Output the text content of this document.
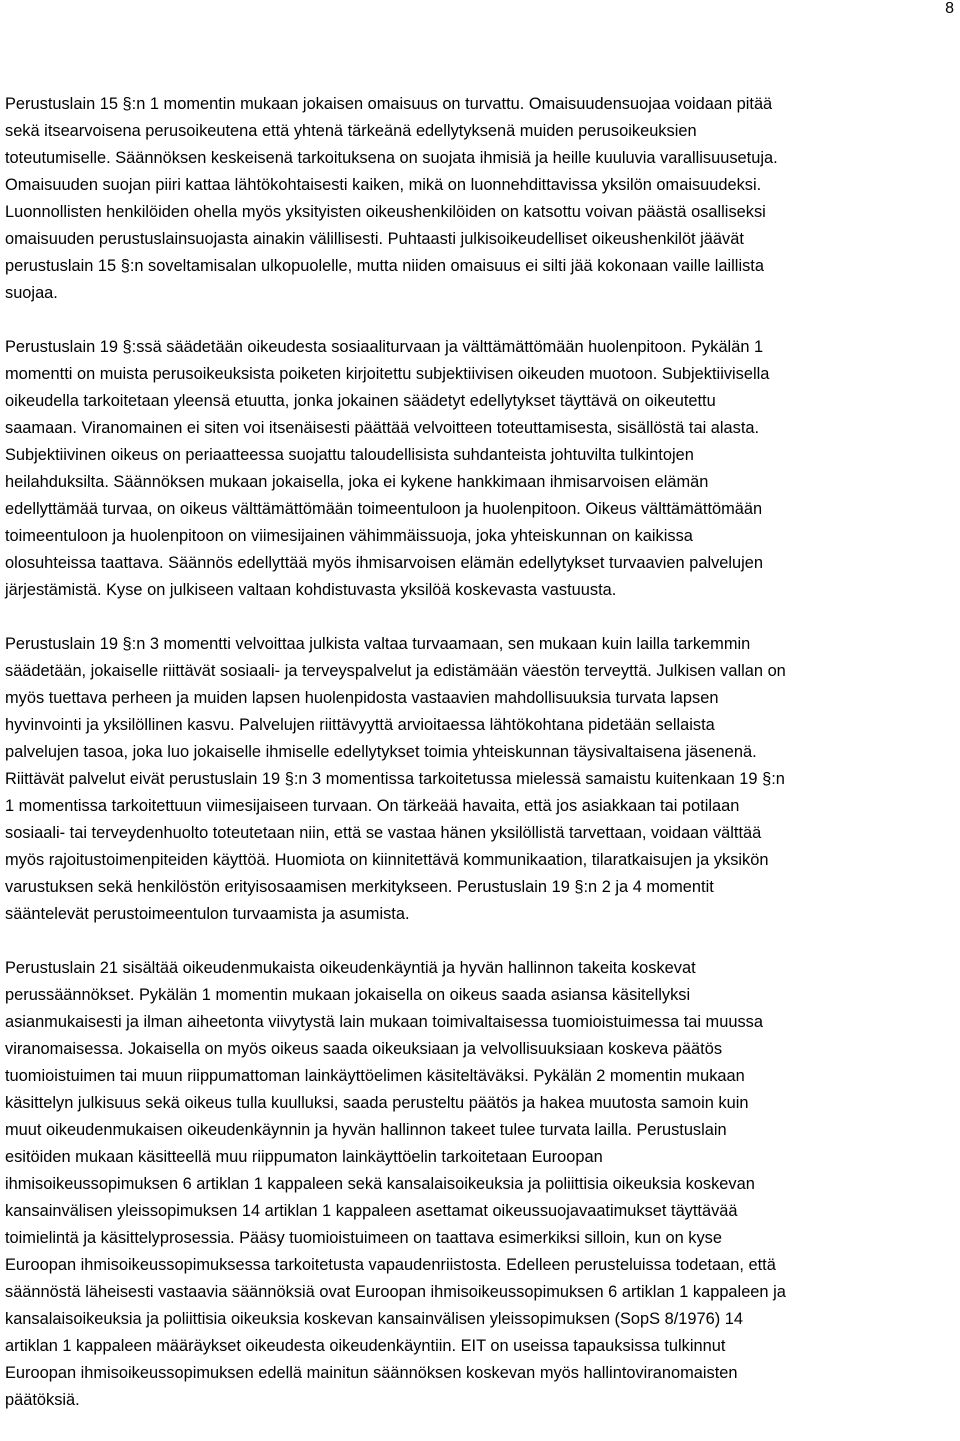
8
Perustuslain 15 §:n 1 momentin mukaan jokaisen omaisuus on turvattu. Omaisuudensuojaa voidaan pitää
sekä itsearvoisena perusoikeutena että yhtenä tärkeänä edellytyksenä muiden perusoikeuksien
toteutumiselle. Säännöksen keskeisenä tarkoituksena on suojata ihmisiä ja heille kuuluvia varallisuusetuja.
Omaisuuden suojan piiri kattaa lähtökohtaisesti kaiken, mikä on luonnehdittavissa yksilön omaisuudeksi.
Luonnollisten henkilöiden ohella myös yksityisten oikeushenkilöiden on katsottu voivan päästä osalliseksi
omaisuuden perustuslainsuojasta ainakin välillisesti. Puhtaasti julkisoikeudelliset oikeushenkilöt jäävät
perustuslain 15 §:n soveltamisalan ulkopuolelle, mutta niiden omaisuus ei silti jää kokonaan vaille laillista
suojaa.
Perustuslain 19 §:ssä säädetään oikeudesta sosiaaliturvaan ja välttämättömään huolenpitoon. Pykälän 1
momentti on muista perusoikeuksista poiketen kirjoitettu subjektiivisen oikeuden muotoon. Subjektiivisella
oikeudella tarkoitetaan yleensä etuutta, jonka jokainen säädetyt edellytykset täyttävä on oikeutettu
saamaan. Viranomainen ei siten voi itsenäisesti päättää velvoitteen toteuttamisesta, sisällöstä tai alasta.
Subjektiivinen oikeus on periaatteessa suojattu taloudellisista suhdanteista johtuvilta tulkintojen
heilahduksilta. Säännöksen mukaan jokaisella, joka ei kykene hankkimaan ihmisarvoisen elämän
edellyttämää turvaa, on oikeus välttämättömään toimeentuloon ja huolenpitoon. Oikeus välttämättömään
toimeentuloon ja huolenpitoon on viimesijainen vähimmäissuoja, joka yhteiskunnan on kaikissa
olosuhteissa taattava. Säännös edellyttää myös ihmisarvoisen elämän edellytykset turvaavien palvelujen
järjestämistä. Kyse on julkiseen valtaan kohdistuvasta yksilöä koskevasta vastuusta.
Perustuslain 19 §:n 3 momentti velvoittaa julkista valtaa turvaamaan, sen mukaan kuin lailla tarkemmin
säädetään, jokaiselle riittävät sosiaali- ja terveyspalvelut ja edistämään väestön terveyttä. Julkisen vallan on
myös tuettava perheen ja muiden lapsen huolenpidosta vastaavien mahdollisuuksia turvata lapsen
hyvinvointi ja yksilöllinen kasvu. Palvelujen riittävyyttä arvioitaessa lähtökohtana pidetään sellaista
palvelujen tasoa, joka luo jokaiselle ihmiselle edellytykset toimia yhteiskunnan täysivaltaisena jäsenenä.
Riittävät palvelut eivät perustuslain 19 §:n 3 momentissa tarkoitetussa mielessä samaistu kuitenkaan 19 §:n
1 momentissa tarkoitettuun viimesijaiseen turvaan. On tärkeää havaita, että jos asiakkaan tai potilaan
sosiaali- tai terveydenhuolto toteutetaan niin, että se vastaa hänen yksilöllistä tarvettaan, voidaan välttää
myös rajoitustoimenpiteiden käyttöä. Huomiota on kiinnitettävä kommunikaation, tilaratkaisujen ja yksikön
varustuksen sekä henkilöstön erityisosaamisen merkitykseen. Perustuslain 19 §:n 2 ja 4 momentit
sääntelevät perustoimeentulon turvaamista ja asumista.
Perustuslain 21 sisältää oikeudenmukaista oikeudenkäyntiä ja hyvän hallinnon takeita koskevat
perussäännökset. Pykälän 1 momentin mukaan jokaisella on oikeus saada asiansa käsitellyksi
asianmukaisesti ja ilman aiheetonta viivytystä lain mukaan toimivaltaisessa tuomioistuimessa tai muussa
viranomaisessa. Jokaisella on myös oikeus saada oikeuksiaan ja velvollisuuksiaan koskeva päätös
tuomioistuimen tai muun riippumattoman lainkäyttöelimen käsiteltäväksi. Pykälän 2 momentin mukaan
käsittelyn julkisuus sekä oikeus tulla kuulluksi, saada perusteltu päätös ja hakea muutosta samoin kuin
muut oikeudenmukaisen oikeudenkäynnin ja hyvän hallinnon takeet tulee turvata lailla. Perustuslain
esitöiden mukaan käsitteellä muu riippumaton lainkäyttöelin tarkoitetaan Euroopan
ihmisoikeussopimuksen 6 artiklan 1 kappaleen sekä kansalaisoikeuksia ja poliittisia oikeuksia koskevan
kansainvälisen yleissopimuksen 14 artiklan 1 kappaleen asettamat oikeussuojavaatimukset täyttävää
toimielintä ja käsittelyprosessia. Pääsy tuomioistuimeen on taattava esimerkiksi silloin, kun on kyse
Euroopan ihmisoikeussopimuksessa tarkoitetusta vapaudenriistosta. Edelleen perusteluissa todetaan, että
säännöstä läheisesti vastaavia säännöksiä ovat Euroopan ihmisoikeussopimuksen 6 artiklan 1 kappaleen ja
kansalaisoikeuksia ja poliittisia oikeuksia koskevan kansainvälisen yleissopimuksen (SopS 8/1976) 14
artiklan 1 kappaleen määräykset oikeudesta oikeudenkäyntiin. EIT on useissa tapauksissa tulkinnut
Euroopan ihmisoikeussopimuksen edellä mainitun säännöksen koskevan myös hallintoviranomaisten
päätöksiä.
